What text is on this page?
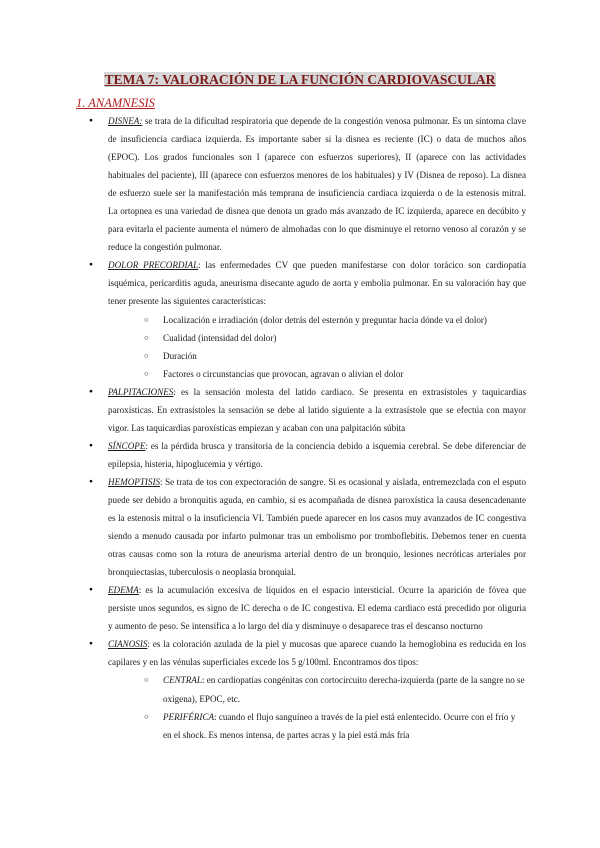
TEMA 7: VALORACIÓN DE LA FUNCIÓN CARDIOVASCULAR
1. ANAMNESIS
● DISNEA: se trata de la dificultad respiratoria que depende de la congestión venosa pulmonar. Es un síntoma clave de insuficiencia cardiaca izquierda. Es importante saber si la disnea es reciente (IC) o data de muchos años (EPOC). Los grados funcionales son I (aparece con esfuerzos superiores), II (aparece con las actividades habituales del paciente), III (aparece con esfuerzos menores de los habituales) y IV (Disnea de reposo). La disnea de esfuerzo suele ser la manifestación más temprana de insuficiencia cardiaca izquierda o de la estenosis mitral. La ortopnea es una variedad de disnea que denota un grado más avanzado de IC izquierda, aparece en decúbito y para evitarla el paciente aumenta el número de almohadas con lo que disminuye el retorno venoso al corazón y se reduce la congestión pulmonar.
● DOLOR PRECORDIAL: las enfermedades CV que pueden manifestarse con dolor torácico son cardiopatía isquémica, pericarditis aguda, aneurisma disecante agudo de aorta y embolia pulmonar. En su valoración hay que tener presente las siguientes características:
○ Localización e irradiación (dolor detrás del esternón y preguntar hacia dónde va el dolor)
○ Cualidad (intensidad del dolor)
○ Duración
○ Factores o circunstancias que provocan, agravan o alivian el dolor
● PALPITACIONES: es la sensación molesta del latido cardiaco. Se presenta en extrasístoles y taquicardias paroxísticas. En extrasístoles la sensación se debe al latido siguiente a la extrasístole que se efectúa con mayor vigor. Las taquicardias paroxísticas empiezan y acaban con una palpitación súbita
● SÍNCOPE: es la pérdida brusca y transitoria de la conciencia debido a isquemia cerebral. Se debe diferenciar de epilepsia, histeria, hipoglucemia y vértigo.
● HEMOPTISIS: Se trata de tos con expectoración de sangre. Si es ocasional y aislada, entremezclada con el esputo puede ser debido a bronquitis aguda, en cambio, si es acompañada de disnea paroxística la causa desencadenante es la estenosis mitral o la insuficiencia VI. También puede aparecer en los casos muy avanzados de IC congestiva siendo a menudo causada por infarto pulmonar tras un embolismo por tromboflebitis. Debemos tener en cuenta otras causas como son la rotura de aneurisma arterial dentro de un bronquio, lesiones necróticas arteriales por bronquiectasias, tuberculosis o neoplasia bronquial.
● EDEMA: es la acumulación excesiva de líquidos en el espacio intersticial. Ocurre la aparición de fóvea que persiste unos segundos, es signo de IC derecha o de IC congestiva. El edema cardiaco está precedido por oliguria y aumento de peso. Se intensifica a lo largo del día y disminuye o desaparece tras el descanso nocturno
● CIANOSIS: es la coloración azulada de la piel y mucosas que aparece cuando la hemoglobina es reducida en los capilares y en las vénulas superficiales excede los 5 g/100ml. Encontramos dos tipos:
○ CENTRAL: en cardiopatías congénitas con cortocircuito derecha-izquierda (parte de la sangre no se oxigena), EPOC, etc.
○ PERIFÉRICA: cuando el flujo sanguíneo a través de la piel está enlentecido. Ocurre con el frío y en el shock. Es menos intensa, de partes acras y la piel está más fría
